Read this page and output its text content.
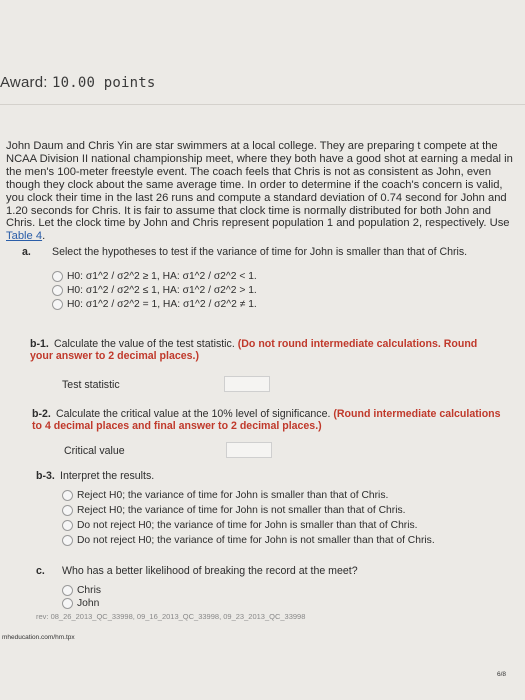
Award: 10.00 points
John Daum and Chris Yin are star swimmers at a local college. They are preparing t compete at the NCAA Division II national championship meet, where they both have a good shot at earning a medal in the men's 100-meter freestyle event. The coach feels that Chris is not as consistent as John, even though they clock about the same average time. In order to determine if the coach's concern is valid, you clock their time in the last 26 runs and compute a standard deviation of 0.74 second for John and 1.20 seconds for Chris. It is fair to assume that clock time is normally distributed for both John and Chris. Let the clock time by John and Chris represent population 1 and population 2, respectively. Use Table 4.
a. Select the hypotheses to test if the variance of time for John is smaller than that of Chris.
H0: σ1^2 / σ2^2 ≥ 1, HA: σ1^2 / σ2^2 < 1.
H0: σ1^2 / σ2^2 ≤ 1, HA: σ1^2 / σ2^2 > 1.
H0: σ1^2 / σ2^2 = 1, HA: σ1^2 / σ2^2 ≠ 1.
b-1. Calculate the value of the test statistic. (Do not round intermediate calculations. Round your answer to 2 decimal places.)
Test statistic
b-2. Calculate the critical value at the 10% level of significance. (Round intermediate calculations to 4 decimal places and final answer to 2 decimal places.)
Critical value
b-3. Interpret the results.
Reject H0; the variance of time for John is smaller than that of Chris.
Reject H0; the variance of time for John is not smaller than that of Chris.
Do not reject H0; the variance of time for John is smaller than that of Chris.
Do not reject H0; the variance of time for John is not smaller than that of Chris.
c. Who has a better likelihood of breaking the record at the meet?
Chris
John
rev: 08_26_2013_QC_33998, 09_16_2013_QC_33998, 09_23_2013_QC_33998
mheducation.com/hm.tpx
6/8
